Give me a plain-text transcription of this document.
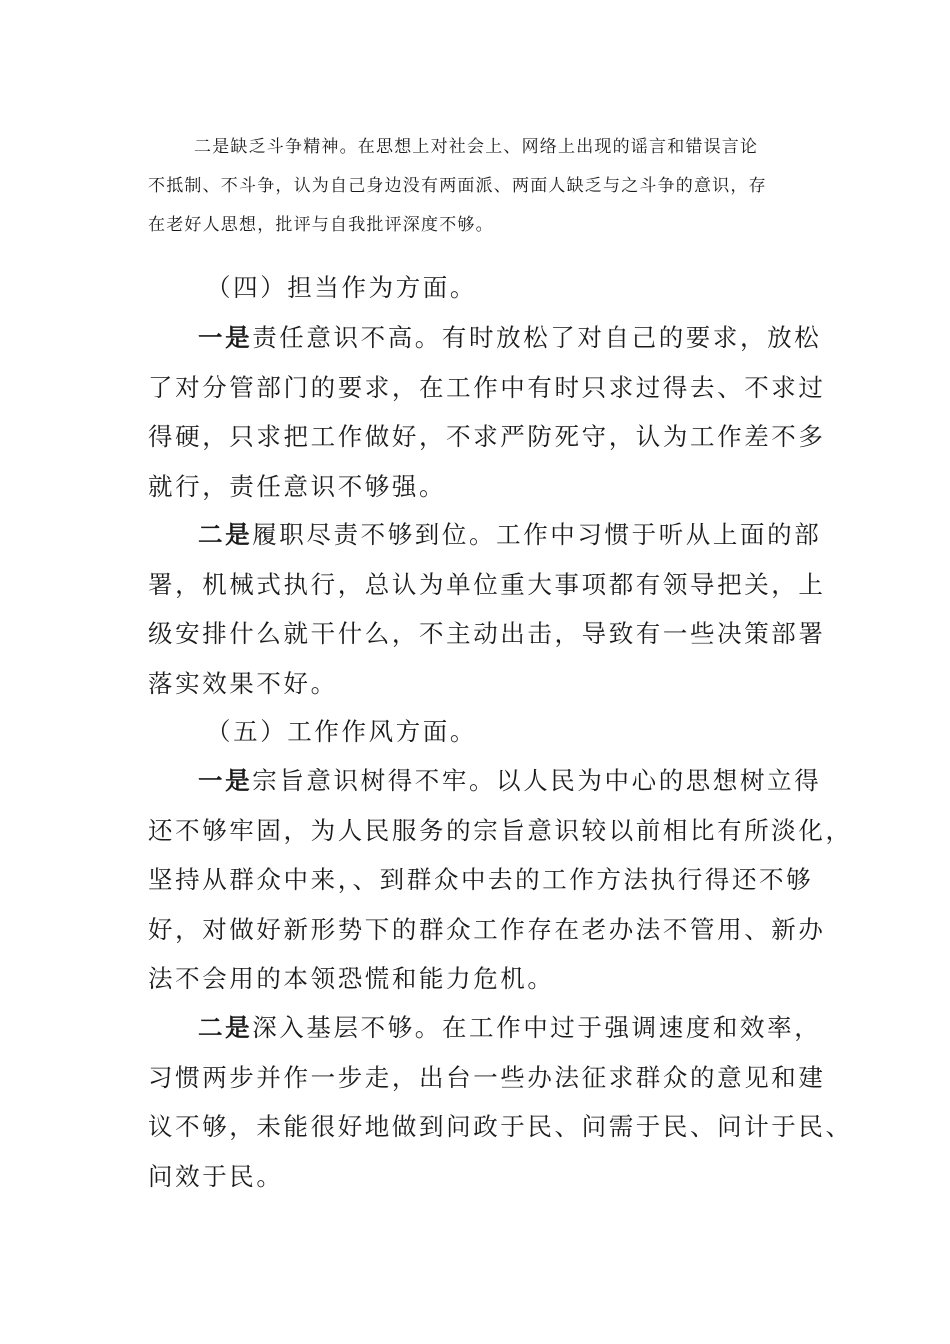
二是缺乏斗争精神。在思想上对社会上、网络上出现的谣言和错误言论
不抵制、不斗争，认为自己身边没有两面派、两面人缺乏与之斗争的意识，存
在老好人思想，批评与自我批评深度不够。
（四）担当作为方面。
一是责任意识不高。有时放松了对自己的要求，放松
了对分管部门的要求，在工作中有时只求过得去、不求过
得硬，只求把工作做好，不求严防死守，认为工作差不多
就行，责任意识不够强。
二是履职尽责不够到位。工作中习惯于听从上面的部
署，机械式执行，总认为单位重大事项都有领导把关，上
级安排什么就干什么，不主动出击，导致有一些决策部署
落实效果不好。
（五）工作作风方面。
一是宗旨意识树得不牢。以人民为中心的思想树立得
还不够牢固，为人民服务的宗旨意识较以前相比有所淡化，
坚持从群众中来，、到群众中去的工作方法执行得还不够
好，对做好新形势下的群众工作存在老办法不管用、新办
法不会用的本领恐慌和能力危机。
二是深入基层不够。在工作中过于强调速度和效率，
习惯两步并作一步走，出台一些办法征求群众的意见和建
议不够，未能很好地做到问政于民、问需于民、问计于民、
问效于民。
